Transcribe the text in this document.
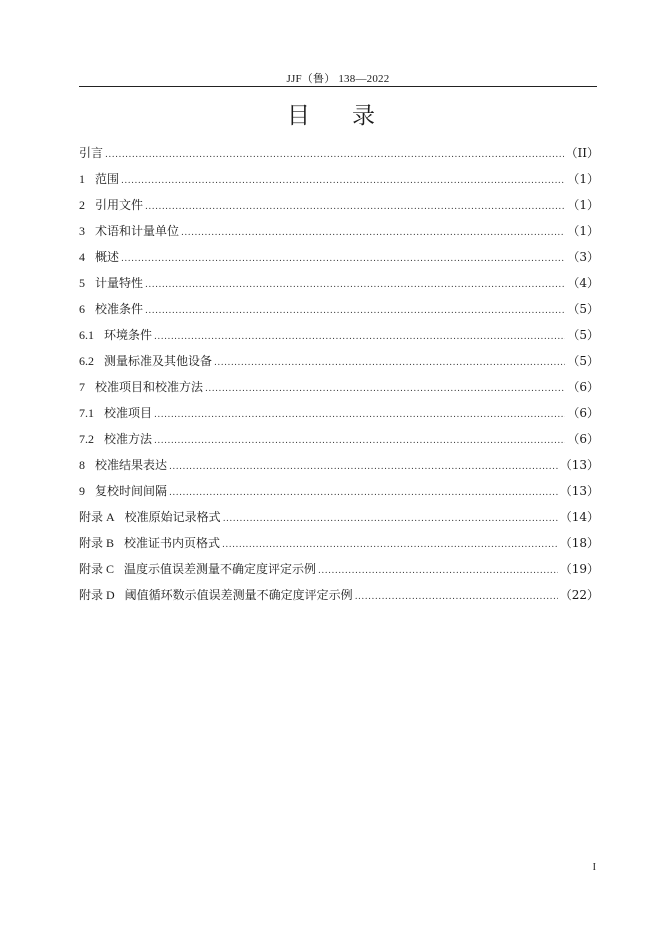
JJF（鲁） 138—2022
目录
引言 .....	（II）
1 范围 .....	（1）
2 引用文件 .....	（1）
3 术语和计量单位 .....	（1）
4 概述 .....	（3）
5 计量特性 .....	（4）
6 校准条件 .....	（5）
6.1 环境条件 .....	（5）
6.2 测量标准及其他设备 .....	（5）
7 校准项目和校准方法 .....	（6）
7.1 校准项目 .....	（6）
7.2 校准方法 .....	（6）
8 校准结果表达 .....	（13）
9 复校时间间隔 .....	（13）
附录 A 校准原始记录格式 .....	（14）
附录 B 校准证书内页格式 .....	（18）
附录 C 温度示值误差测量不确定度评定示例 .....	（19）
附录 D 阈值循环数示值误差测量不确定度评定示例 .....	（22）
I
